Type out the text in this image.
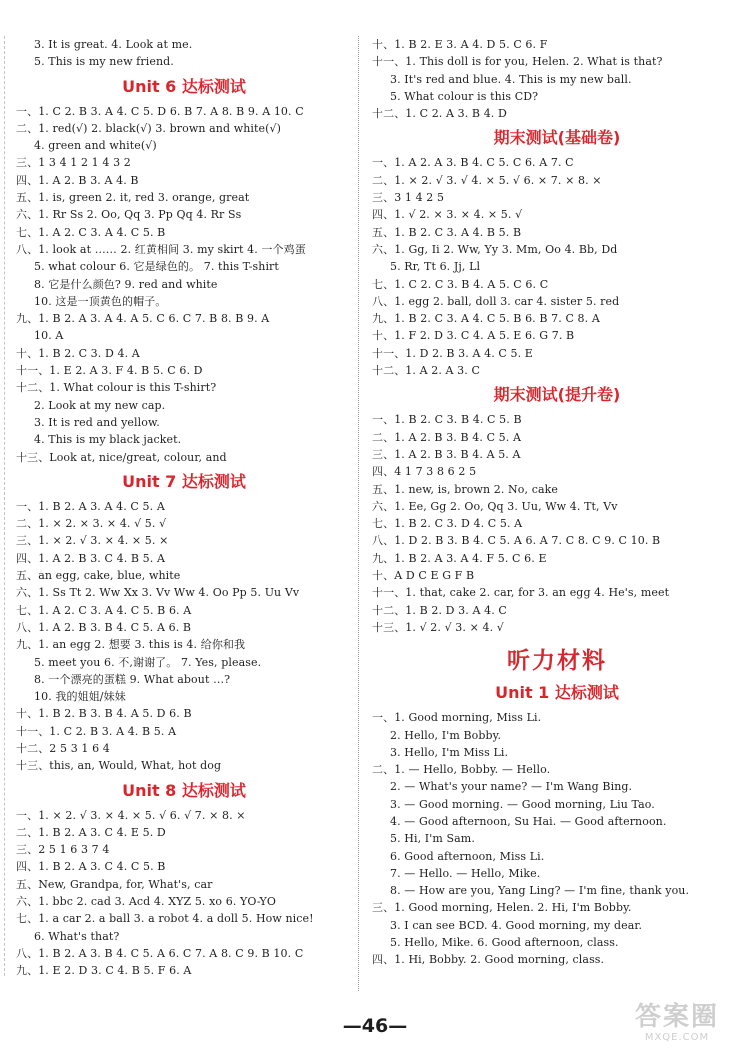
3. It is great. 4. Look at me.
5. This is my new friend.
Unit 6 达标测试
一、1. C 2. B 3. A 4. C 5. D 6. B 7. A 8. B 9. A 10. C
二、1. red(√) 2. black(√) 3. brown and white(√)
4. green and white(√)
三、1 3 4 1 2 1 4 3 2
四、1. A 2. B 3. A 4. B
五、1. is, green 2. it, red 3. orange, great
六、1. Rr Ss 2. Oo, Qq 3. Pp Qq 4. Rr Ss
七、1. A 2. C 3. A 4. C 5. B
八、1. look at …… 2. 红黄相间 3. my skirt 4. 一个鸡蛋
5. what colour 6. 它是绿色的。 7. this T-shirt
8. 它是什么颜色? 9. red and white
10. 这是一顶黄色的帽子。
九、1. B 2. A 3. A 4. A 5. C 6. C 7. B 8. B 9. A
10. A
十、1. B 2. C 3. D 4. A
十一、1. E 2. A 3. F 4. B 5. C 6. D
十二、1. What colour is this T-shirt?
2. Look at my new cap.
3. It is red and yellow.
4. This is my black jacket.
十三、Look at, nice/great, colour, and
Unit 7 达标测试
一、1. B 2. A 3. A 4. C 5. A
二、1. × 2. × 3. × 4. √ 5. √
三、1. × 2. √ 3. × 4. × 5. ×
四、1. A 2. B 3. C 4. B 5. A
五、an egg, cake, blue, white
六、1. Ss Tt 2. Ww Xx 3. Vv Ww 4. Oo Pp 5. Uu Vv
七、1. A 2. C 3. A 4. C 5. B 6. A
八、1. A 2. B 3. B 4. C 5. A 6. B
九、1. an egg 2. 想要 3. this is 4. 给你和我
5. meet you 6. 不,谢谢了。 7. Yes, please.
8. 一个漂亮的蛋糕 9. What about …?
10. 我的姐姐/妹妹
十、1. B 2. B 3. B 4. A 5. D 6. B
十一、1. C 2. B 3. A 4. B 5. A
十二、2 5 3 1 6 4
十三、this, an, Would, What, hot dog
Unit 8 达标测试
一、1. × 2. √ 3. × 4. × 5. √ 6. √ 7. × 8. ×
二、1. B 2. A 3. C 4. E 5. D
三、2 5 1 6 3 7 4
四、1. B 2. A 3. C 4. C 5. B
五、New, Grandpa, for, What's, car
六、1. bbc 2. cad 3. Acd 4. XYZ 5. xo 6. YO-YO
七、1. a car 2. a ball 3. a robot 4. a doll 5. How nice!
6. What's that?
八、1. B 2. A 3. B 4. C 5. A 6. C 7. A 8. C 9. B 10. C
九、1. E 2. D 3. C 4. B 5. F 6. A
十、1. B 2. E 3. A 4. D 5. C 6. F
十一、1. This doll is for you, Helen. 2. What is that?
3. It's red and blue. 4. This is my new ball.
5. What colour is this CD?
十二、1. C 2. A 3. B 4. D
期末测试(基础卷)
一、1. A 2. A 3. B 4. C 5. C 6. A 7. C
二、1. × 2. √ 3. √ 4. × 5. √ 6. × 7. × 8. ×
三、3 1 4 2 5
四、1. √ 2. × 3. × 4. × 5. √
五、1. B 2. C 3. A 4. B 5. B
六、1. Gg, Ii 2. Ww, Yy 3. Mm, Oo 4. Bb, Dd
5. Rr, Tt 6. Jj, Ll
七、1. C 2. C 3. B 4. A 5. C 6. C
八、1. egg 2. ball, doll 3. car 4. sister 5. red
九、1. B 2. C 3. A 4. C 5. B 6. B 7. C 8. A
十、1. F 2. D 3. C 4. A 5. E 6. G 7. B
十一、1. D 2. B 3. A 4. C 5. E
十二、1. A 2. A 3. C
期末测试(提升卷)
一、1. B 2. C 3. B 4. C 5. B
二、1. A 2. B 3. B 4. C 5. A
三、1. A 2. B 3. B 4. A 5. A
四、4 1 7 3 8 6 2 5
五、1. new, is, brown 2. No, cake
六、1. Ee, Gg 2. Oo, Qq 3. Uu, Ww 4. Tt, Vv
七、1. B 2. C 3. D 4. C 5. A
八、1. D 2. B 3. B 4. C 5. A 6. A 7. C 8. C 9. C 10. B
九、1. B 2. A 3. A 4. F 5. C 6. E
十、A D C E G F B
十一、1. that, cake 2. car, for 3. an egg 4. He's, meet
十二、1. B 2. D 3. A 4. C
十三、1. √ 2. √ 3. × 4. √
听力材料
Unit 1 达标测试
一、1. Good morning, Miss Li.
2. Hello, I'm Bobby.
3. Hello, I'm Miss Li.
二、1. — Hello, Bobby. — Hello.
2. — What's your name? — I'm Wang Bing.
3. — Good morning. — Good morning, Liu Tao.
4. — Good afternoon, Su Hai. — Good afternoon.
5. Hi, I'm Sam.
6. Good afternoon, Miss Li.
7. — Hello. — Hello, Mike.
8. — How are you, Yang Ling? — I'm fine, thank you.
三、1. Good morning, Helen. 2. Hi, I'm Bobby.
3. I can see BCD. 4. Good morning, my dear.
5. Hello, Mike. 6. Good afternoon, class.
四、1. Hi, Bobby. 2. Good morning, class.
—46—	答案圈
MXQE.COM
